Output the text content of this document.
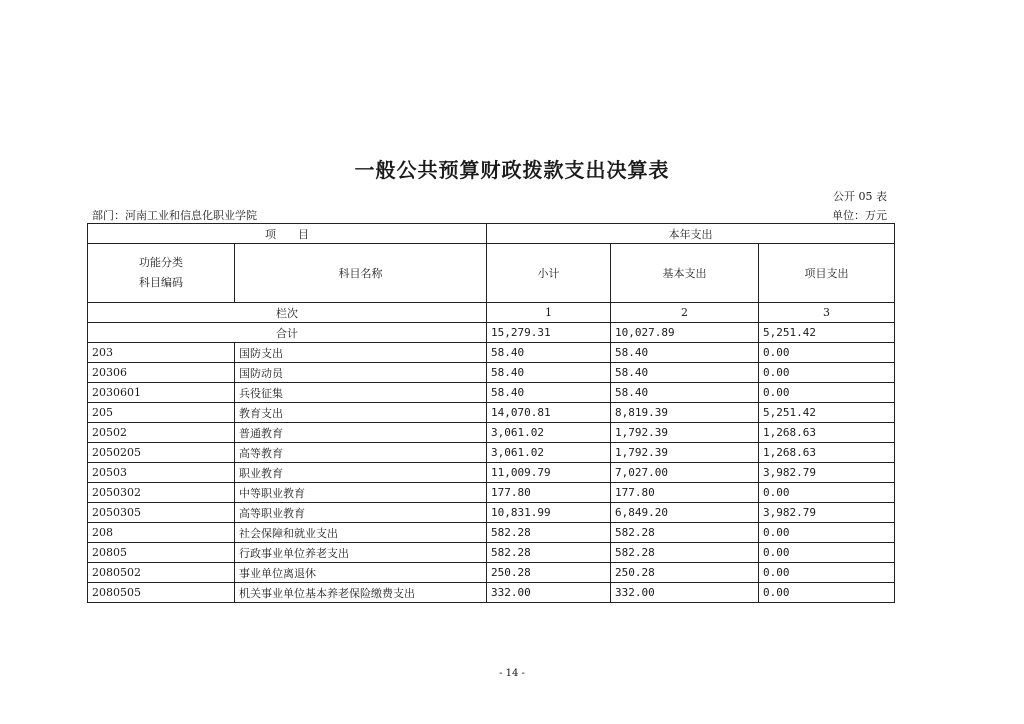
一般公共预算财政拨款支出决算表
公开 05 表
部门：河南工业和信息化职业学院	单位：万元
项　　目		本年支出		

功能分类
科目编码	科目名称	小计	基本支出	项目支出
栏次		1	2	3
合计		15,279.31	10,027.89	5,251.42
203	国防支出	58.40	58.40	0.00
20306	国防动员	58.40	58.40	0.00
2030601	兵役征集	58.40	58.40	0.00
205	教育支出	14,070.81	8,819.39	5,251.42
20502	普通教育	3,061.02	1,792.39	1,268.63
2050205	高等教育	3,061.02	1,792.39	1,268.63
20503	职业教育	11,009.79	7,027.00	3,982.79
2050302	中等职业教育	177.80	177.80	0.00
2050305	高等职业教育	10,831.99	6,849.20	3,982.79
208	社会保障和就业支出	582.28	582.28	0.00
20805	行政事业单位养老支出	582.28	582.28	0.00
2080502	事业单位离退休	250.28	250.28	0.00
2080505	机关事业单位基本养老保险缴费支出	332.00	332.00	0.00
- 14 -
